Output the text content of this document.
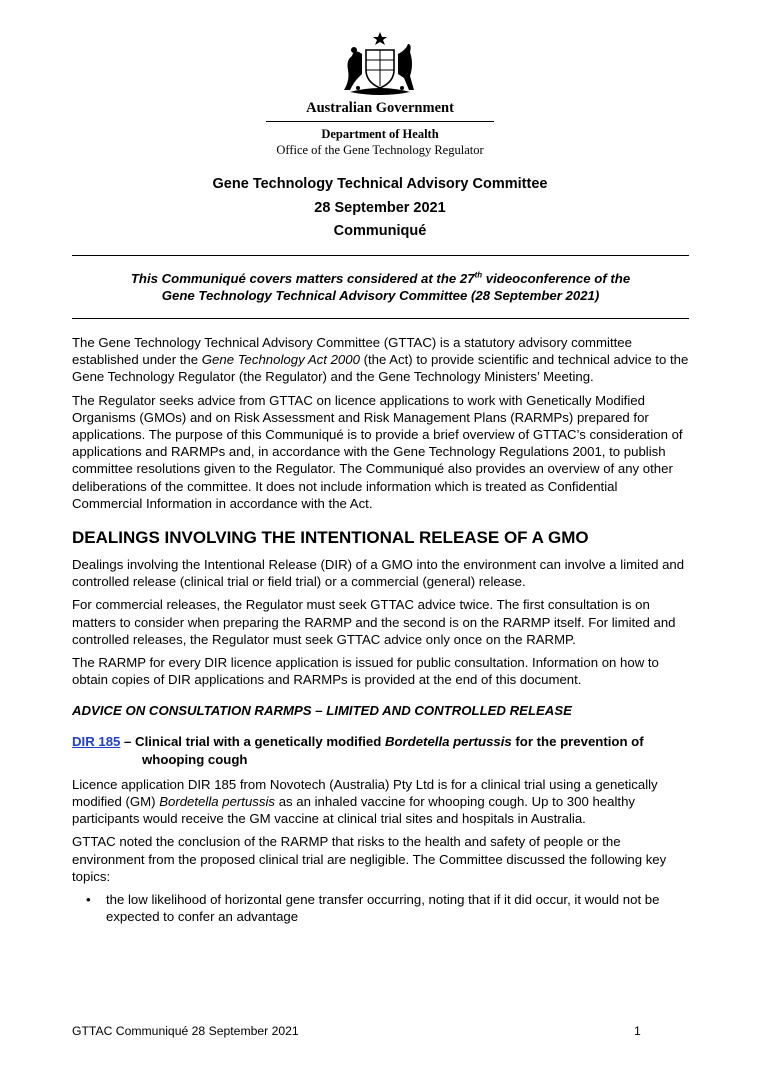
Australian Government
Department of Health
Office of the Gene Technology Regulator
Gene Technology Technical Advisory Committee
28 September 2021
Communiqué
This Communiqué covers matters considered at the 27th videoconference of the
Gene Technology Technical Advisory Committee (28 September 2021)

The Gene Technology Technical Advisory Committee (GTTAC) is a statutory advisory committee established under the Gene Technology Act 2000 (the Act) to provide scientific and technical advice to the Gene Technology Regulator (the Regulator) and the Gene Technology Ministers’ Meeting.

The Regulator seeks advice from GTTAC on licence applications to work with Genetically Modified Organisms (GMOs) and on Risk Assessment and Risk Management Plans (RARMPs) prepared for applications. The purpose of this Communiqué is to provide a brief overview of GTTAC’s consideration of applications and RARMPs and, in accordance with the Gene Technology Regulations 2001, to publish committee resolutions given to the Regulator. The Communiqué also provides an overview of any other deliberations of the committee. It does not include information which is treated as Confidential Commercial Information in accordance with the Act.

DEALINGS INVOLVING THE INTENTIONAL RELEASE OF A GMO

Dealings involving the Intentional Release (DIR) of a GMO into the environment can involve a limited and controlled release (clinical trial or field trial) or a commercial (general) release.

For commercial releases, the Regulator must seek GTTAC advice twice. The first consultation is on matters to consider when preparing the RARMP and the second is on the RARMP itself. For limited and controlled releases, the Regulator must seek GTTAC advice only once on the RARMP.

The RARMP for every DIR licence application is issued for public consultation. Information on how to obtain copies of DIR applications and RARMPs is provided at the end of this document.

ADVICE ON CONSULTATION RARMPS – LIMITED AND CONTROLLED RELEASE
DIR 185 – Clinical trial with a genetically modified Bordetella pertussis for the prevention of whooping cough

Licence application DIR 185 from Novotech (Australia) Pty Ltd is for a clinical trial using a genetically modified (GM) Bordetella pertussis as an inhaled vaccine for whooping cough. Up to 300 healthy participants would receive the GM vaccine at clinical trial sites and hospitals in Australia.

GTTAC noted the conclusion of the RARMP that risks to the health and safety of people or the environment from the proposed clinical trial are negligible. The Committee discussed the following key topics:

• the low likelihood of horizontal gene transfer occurring, noting that if it did occur, it would not be expected to confer an advantage
GTTAC Communiqué 28 September 2021	1
